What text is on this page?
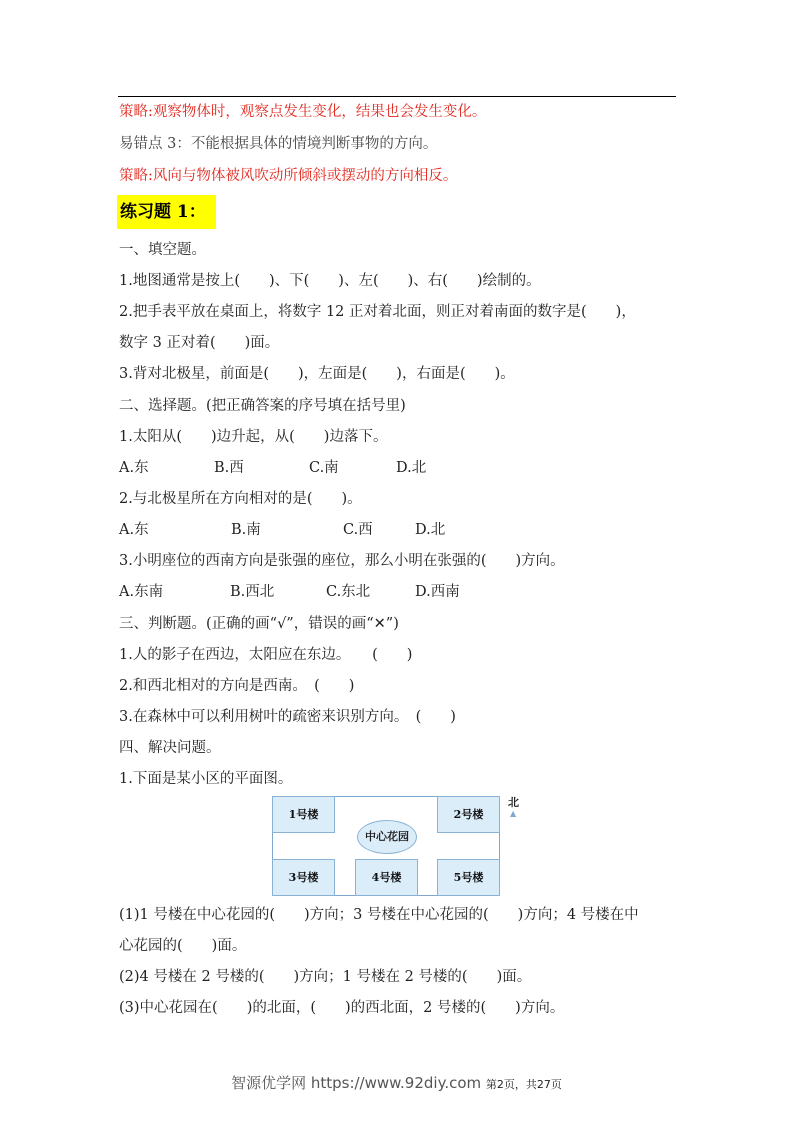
策略:观察物体时，观察点发生变化，结果也会发生变化。
易错点 3：不能根据具体的情境判断事物的方向。
策略:风向与物体被风吹动所倾斜或摆动的方向相反。
练习题 1：
一、填空题。
1.地图通常是按上(　　)、下(　　)、左(　　)、右(　　)绘制的。
2.把手表平放在桌面上，将数字 12 正对着北面，则正对着南面的数字是(　　)，
数字 3 正对着(　　)面。
3.背对北极星，前面是(　　)，左面是(　　)，右面是(　　)。
二、选择题。(把正确答案的序号填在括号里)
1.太阳从(　　)边升起，从(　　)边落下。
A.东	B.西	C.南	D.北
2.与北极星所在方向相对的是(　　)。
A.东	B.南	C.西	D.北
3.小明座位的西南方向是张强的座位，那么小明在张强的(　　)方向。
A.东南	B.西北	C.东北	D.西南
三、判断题。(正确的画“√”，错误的画“✕”)
1.人的影子在西边，太阳应在东边。　　(　　)
2.和西北相对的方向是西南。　(　　)
3.在森林中可以利用树叶的疏密来识别方向。　(　　)
四、解决问题。
1.下面是某小区的平面图。
1号楼	2号楼
3号楼	4号楼	5号楼
中心花园
北
▲
(1)1 号楼在中心花园的(　　)方向；3 号楼在中心花园的(　　)方向；4 号楼在中
心花园的(　　)面。
(2)4 号楼在 2 号楼的(　　)方向；1 号楼在 2 号楼的(　　)面。
(3)中心花园在(　　)的北面，(　　)的西北面，2 号楼的(　　)方向。
智源优学网 https://www.92diy.com 第2页，共27页
